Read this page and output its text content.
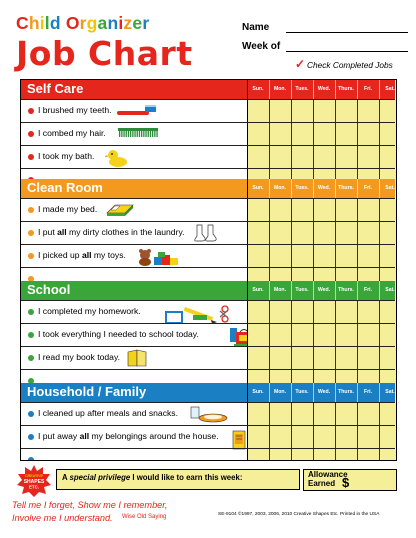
Child Organizer
Job Chart
Name
Week of
✓ Check Completed Jobs
Self Care	Sun.	Mon.	Tues.	Wed.	Thurs.	Fri.	Sat.
I brushed my teeth.
I combed my hair.
I took my bath.
Clean Room	Sun.	Mon.	Tues.	Wed.	Thurs.	Fri.	Sat.
I made my bed.
I put all my dirty clothes in the laundry.
I picked up all my toys.
School	Sun.	Mon.	Tues.	Wed.	Thurs.	Fri.	Sat.
I completed my homework.
I took everything I needed to school today.
I read my book today.
Household / Family	Sun.	Mon.	Tues.	Wed.	Thurs.	Fri.	Sat.
I cleaned up after meals and snacks.
I put away all my belongings around the house.
CREATIVE
SHAPES
ETC.
A special privilege I would like to earn this week:	Allowance
Earned $
Tell me I forget, Show me I remember,
Involve me I understand. Wise Old Saying	SE-9104 ©1997, 2003, 2006, 2010 Creative Shapes Etc. Printed in the USA
